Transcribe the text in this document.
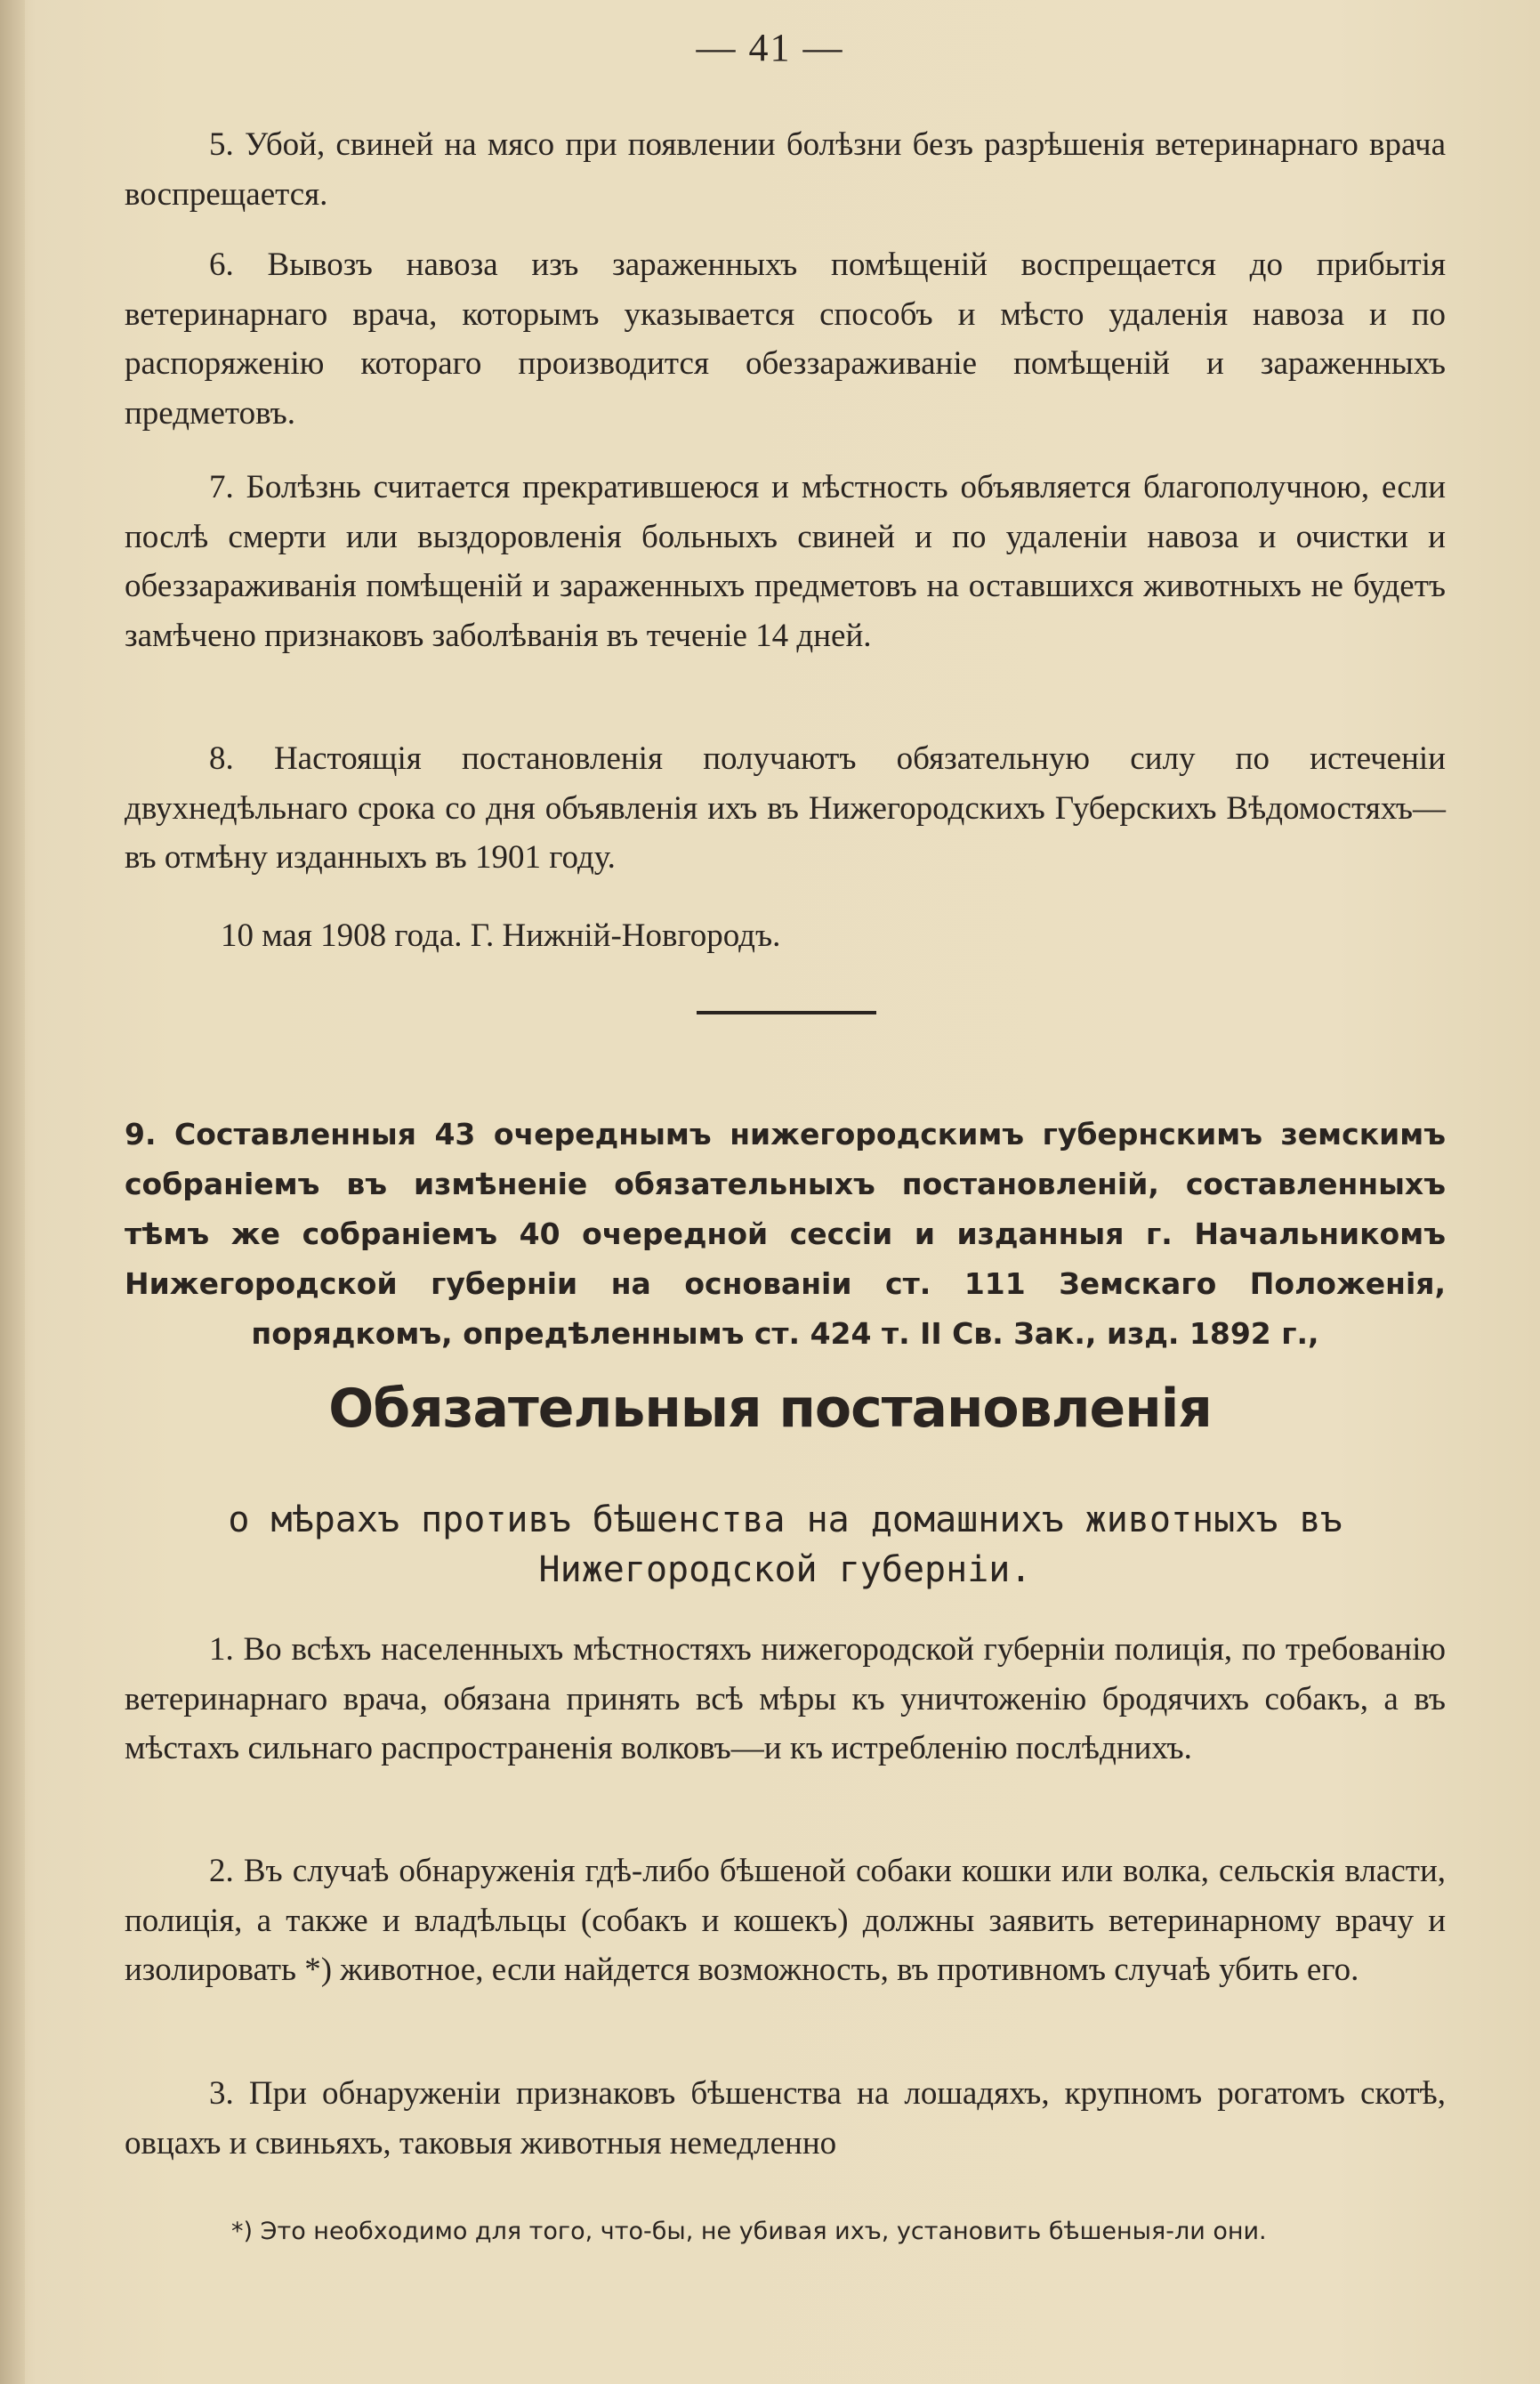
— 41 —

5. Убой, свиней на мясо при появлении болѣзни безъ разрѣшенія ветеринарнаго врача воспрещается.

6. Вывозъ навоза изъ зараженныхъ помѣщеній воспрещается до прибытія ветеринарнаго врача, которымъ указывается способъ и мѣсто удаленія навоза и по распоряженію котораго производится обеззараживаніе помѣщеній и зараженныхъ предметовъ.

7. Болѣзнь считается прекратившеюся и мѣстность объявляется благополучною, если послѣ смерти или выздоровленія больныхъ свиней и по удаленіи навоза и очистки и обеззараживанія помѣщеній и зараженныхъ предметовъ на оставшихся животныхъ не будетъ замѣчено признаковъ заболѣванія въ теченіе 14 дней.

8. Настоящія постановленія получаютъ обязательную силу по истеченіи двухнедѣльнаго срока со дня объявленія ихъ въ Нижегородскихъ Губерскихъ Вѣдомостяхъ—въ отмѣну изданныхъ въ 1901 году.

10 мая 1908 года. Г. Нижній-Новгородъ.

9. Составленныя 43 очереднымъ нижегородскимъ губернскимъ земскимъ собраніемъ въ измѣненіе обязательныхъ постановленій, составленныхъ тѣмъ же собраніемъ 40 очередной сессіи и изданныя г. Начальникомъ Нижегородской губерніи на основаніи ст. 111 Земскаго Положенія, порядкомъ, опредѣленнымъ ст. 424 т. II Св. Зак., изд. 1892 г.,

Обязательныя постановленія
о мѣрахъ противъ бѣшенства на домашнихъ животныхъ въ Нижегородской губерніи.

1. Во всѣхъ населенныхъ мѣстностяхъ нижегородской губерніи полиція, по требованію ветеринарнаго врача, обязана принять всѣ мѣры къ уничтоженію бродячихъ собакъ, а въ мѣстахъ сильнаго распространенія волковъ—и къ истребленію послѣднихъ.

2. Въ случаѣ обнаруженія гдѣ-либо бѣшеной собаки кошки или волка, сельскія власти, полиція, а также и владѣльцы (собакъ и кошекъ) должны заявить ветеринарному врачу и изолировать *) животное, если найдется возможность, въ противномъ случаѣ убить его.

3. При обнаруженіи признаковъ бѣшенства на лошадяхъ, крупномъ рогатомъ скотѣ, овцахъ и свиньяхъ, таковыя животныя немедленно

*) Это необходимо для того, что-бы, не убивая ихъ, установить бѣшеныя-ли они.
